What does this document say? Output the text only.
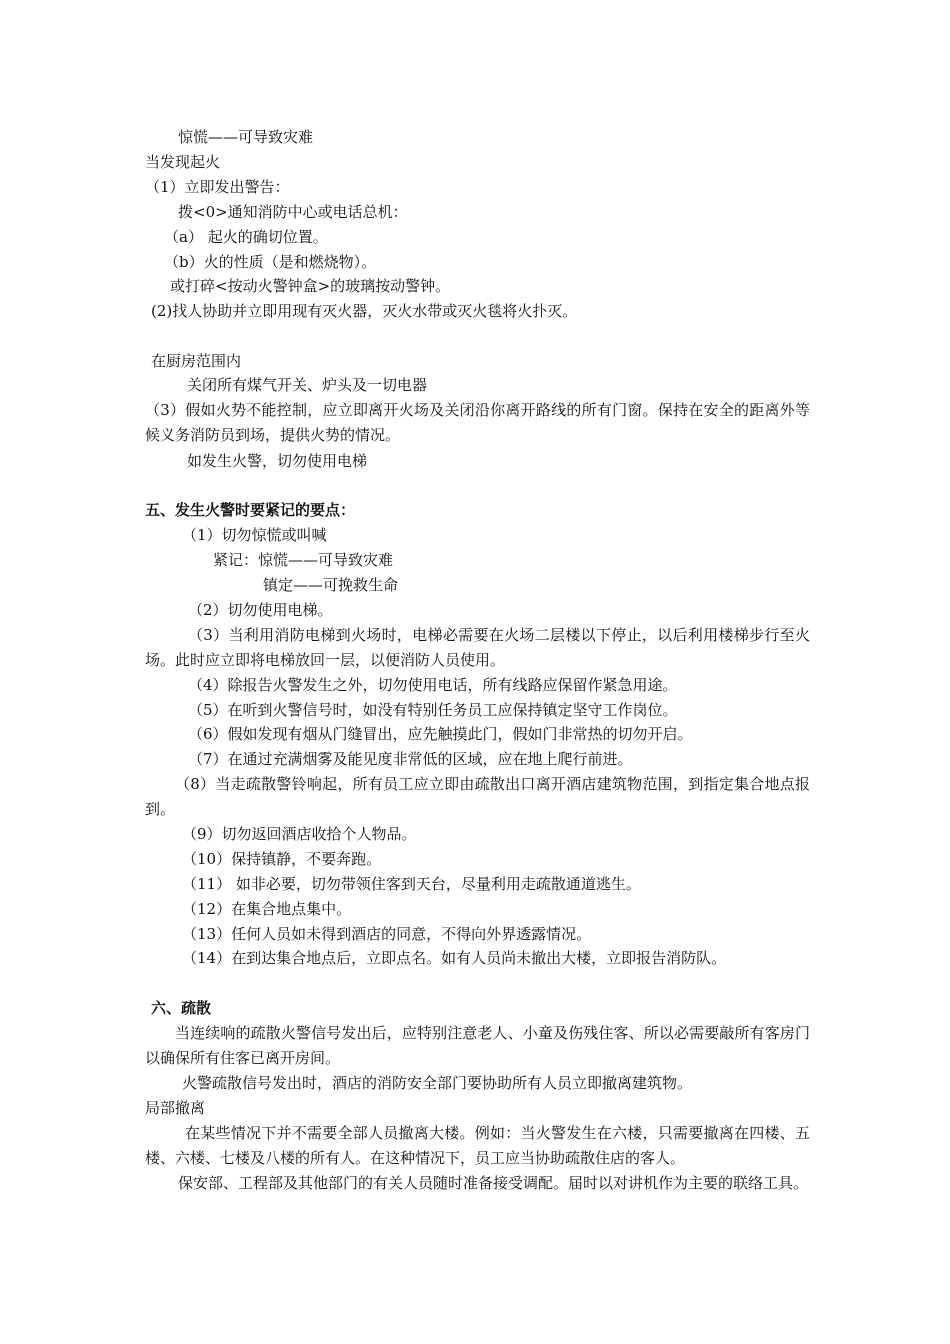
惊慌——可导致灾难
当发现起火
（1）立即发出警告：
拨<0>通知消防中心或电话总机：
（a） 起火的确切位置。
（b）火的性质（是和燃烧物）。
或打碎<按动火警钟盒>的玻璃按动警钟。
(2)找人协助并立即用现有灭火器，灭火水带或灭火毯将火扑灭。
在厨房范围内
关闭所有煤气开关、炉头及一切电器
（3）假如火势不能控制，应立即离开火场及关闭沿你离开路线的所有门窗。保持在安全的距离外等候义务消防员到场，提供火势的情况。
如发生火警，切勿使用电梯
五、发生火警时要紧记的要点：
（1）切勿惊慌或叫喊
紧记：惊慌——可导致灾难
镇定——可挽救生命
（2）切勿使用电梯。
（3）当利用消防电梯到火场时，电梯必需要在火场二层楼以下停止，以后利用楼梯步行至火场。此时应立即将电梯放回一层，以便消防人员使用。
（4）除报告火警发生之外，切勿使用电话，所有线路应保留作紧急用途。
（5）在听到火警信号时，如没有特别任务员工应保持镇定坚守工作岗位。
（6）假如发现有烟从门缝冒出，应先触摸此门，假如门非常热的切勿开启。
（7）在通过充满烟雾及能见度非常低的区域，应在地上爬行前进。
（8）当走疏散警铃响起，所有员工应立即由疏散出口离开酒店建筑物范围，到指定集合地点报到。
（9）切勿返回酒店收拾个人物品。
（10）保持镇静，不要奔跑。
（11） 如非必要，切勿带领住客到天台，尽量利用走疏散通道逃生。
（12）在集合地点集中。
（13）任何人员如未得到酒店的同意，不得向外界透露情况。
（14）在到达集合地点后，立即点名。如有人员尚未撤出大楼，立即报告消防队。
六、疏散
当连续响的疏散火警信号发出后，应特别注意老人、小童及伤残住客、所以必需要敲所有客房门以确保所有住客已离开房间。
火警疏散信号发出时，酒店的消防安全部门要协助所有人员立即撤离建筑物。
局部撤离
在某些情况下并不需要全部人员撤离大楼。例如：当火警发生在六楼，只需要撤离在四楼、五楼、六楼、七楼及八楼的所有人。在这种情况下，员工应当协助疏散住店的客人。
保安部、工程部及其他部门的有关人员随时准备接受调配。届时以对讲机作为主要的联络工具。
